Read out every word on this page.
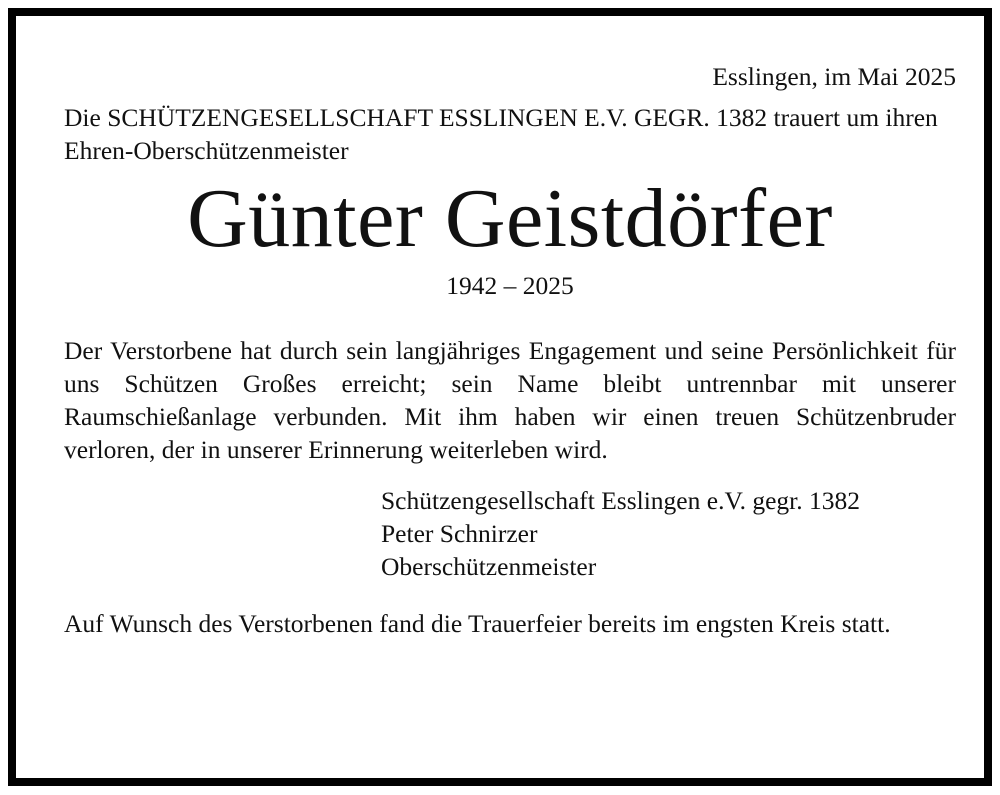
Esslingen, im Mai 2025

Die SCHÜTZENGESELLSCHAFT ESSLINGEN E.V. GEGR. 1382 trauert um ihren Ehren-Oberschützenmeister

Günter Geistdörfer

1942 – 2025

Der Verstorbene hat durch sein langjähriges Engagement und seine Persönlichkeit für uns Schützen Großes erreicht; sein Name bleibt untrennbar mit unserer Raumschießanlage verbunden. Mit ihm haben wir einen treuen Schützenbruder verloren, der in unserer Erinnerung weiterleben wird.

Schützengesellschaft Esslingen e.V. gegr. 1382
Peter Schnirzer
Oberschützenmeister

Auf Wunsch des Verstorbenen fand die Trauerfeier bereits im engsten Kreis statt.
